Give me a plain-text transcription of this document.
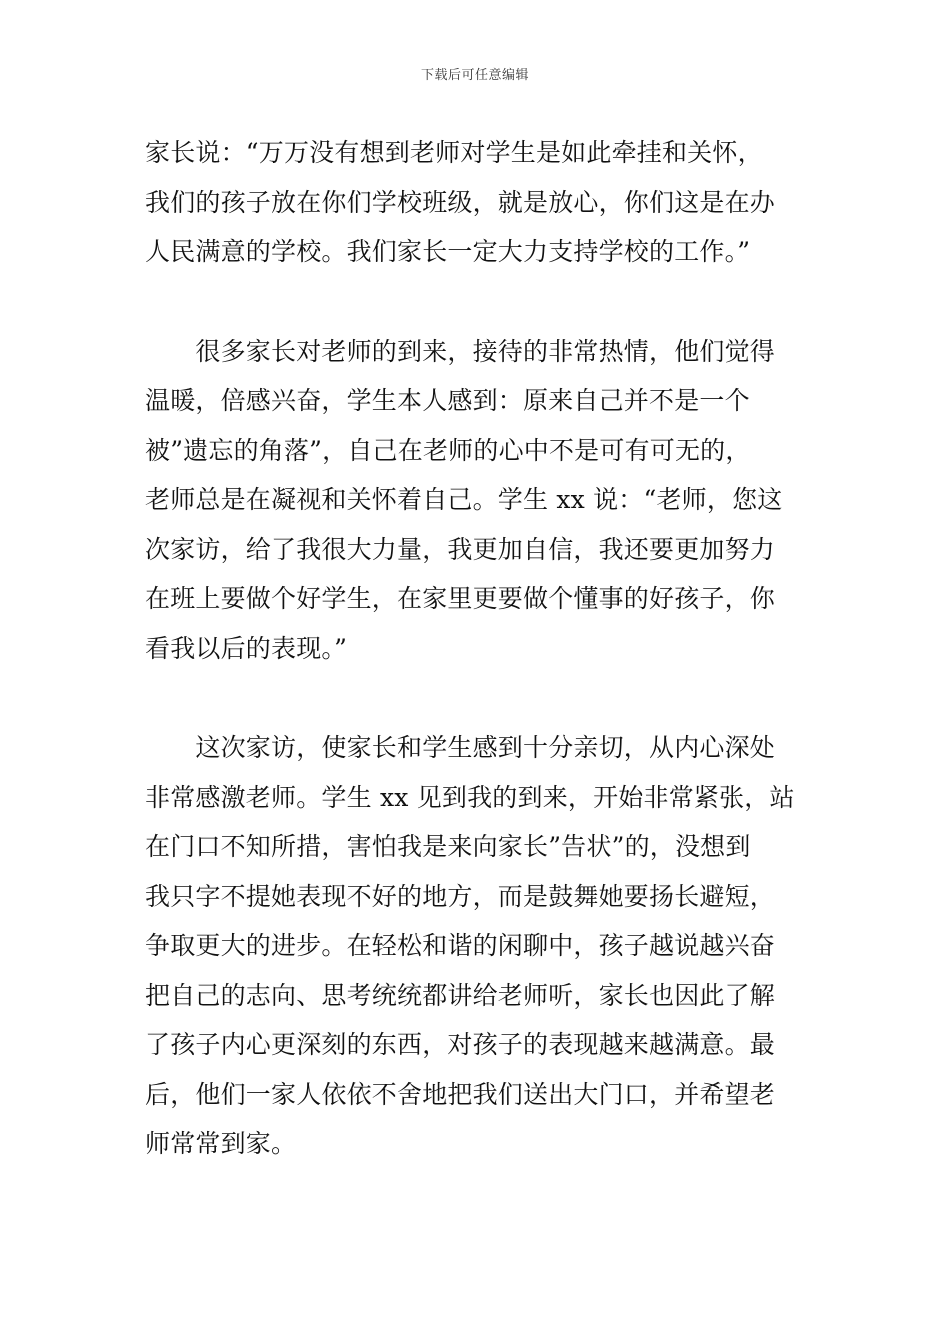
下载后可任意编辑
家长说：“万万没有想到老师对学生是如此牵挂和关怀，
我们的孩子放在你们学校班级，就是放心，你们这是在办
人民满意的学校。我们家长一定大力支持学校的工作。”
　　很多家长对老师的到来，接待的非常热情，他们觉得
温暖，倍感兴奋，学生本人感到：原来自己并不是一个
被”遗忘的角落”，自己在老师的心中不是可有可无的，
老师总是在凝视和关怀着自己。学生 xx 说：“老师，您这
次家访，给了我很大力量，我更加自信，我还要更加努力
在班上要做个好学生，在家里更要做个懂事的好孩子，你
看我以后的表现。”
　　这次家访，使家长和学生感到十分亲切，从内心深处
非常感激老师。学生 xx 见到我的到来，开始非常紧张，站
在门口不知所措，害怕我是来向家长”告状”的，没想到
我只字不提她表现不好的地方，而是鼓舞她要扬长避短，
争取更大的进步。在轻松和谐的闲聊中，孩子越说越兴奋
把自己的志向、思考统统都讲给老师听，家长也因此了解
了孩子内心更深刻的东西，对孩子的表现越来越满意。最
后，他们一家人依依不舍地把我们送出大门口，并希望老
师常常到家。
